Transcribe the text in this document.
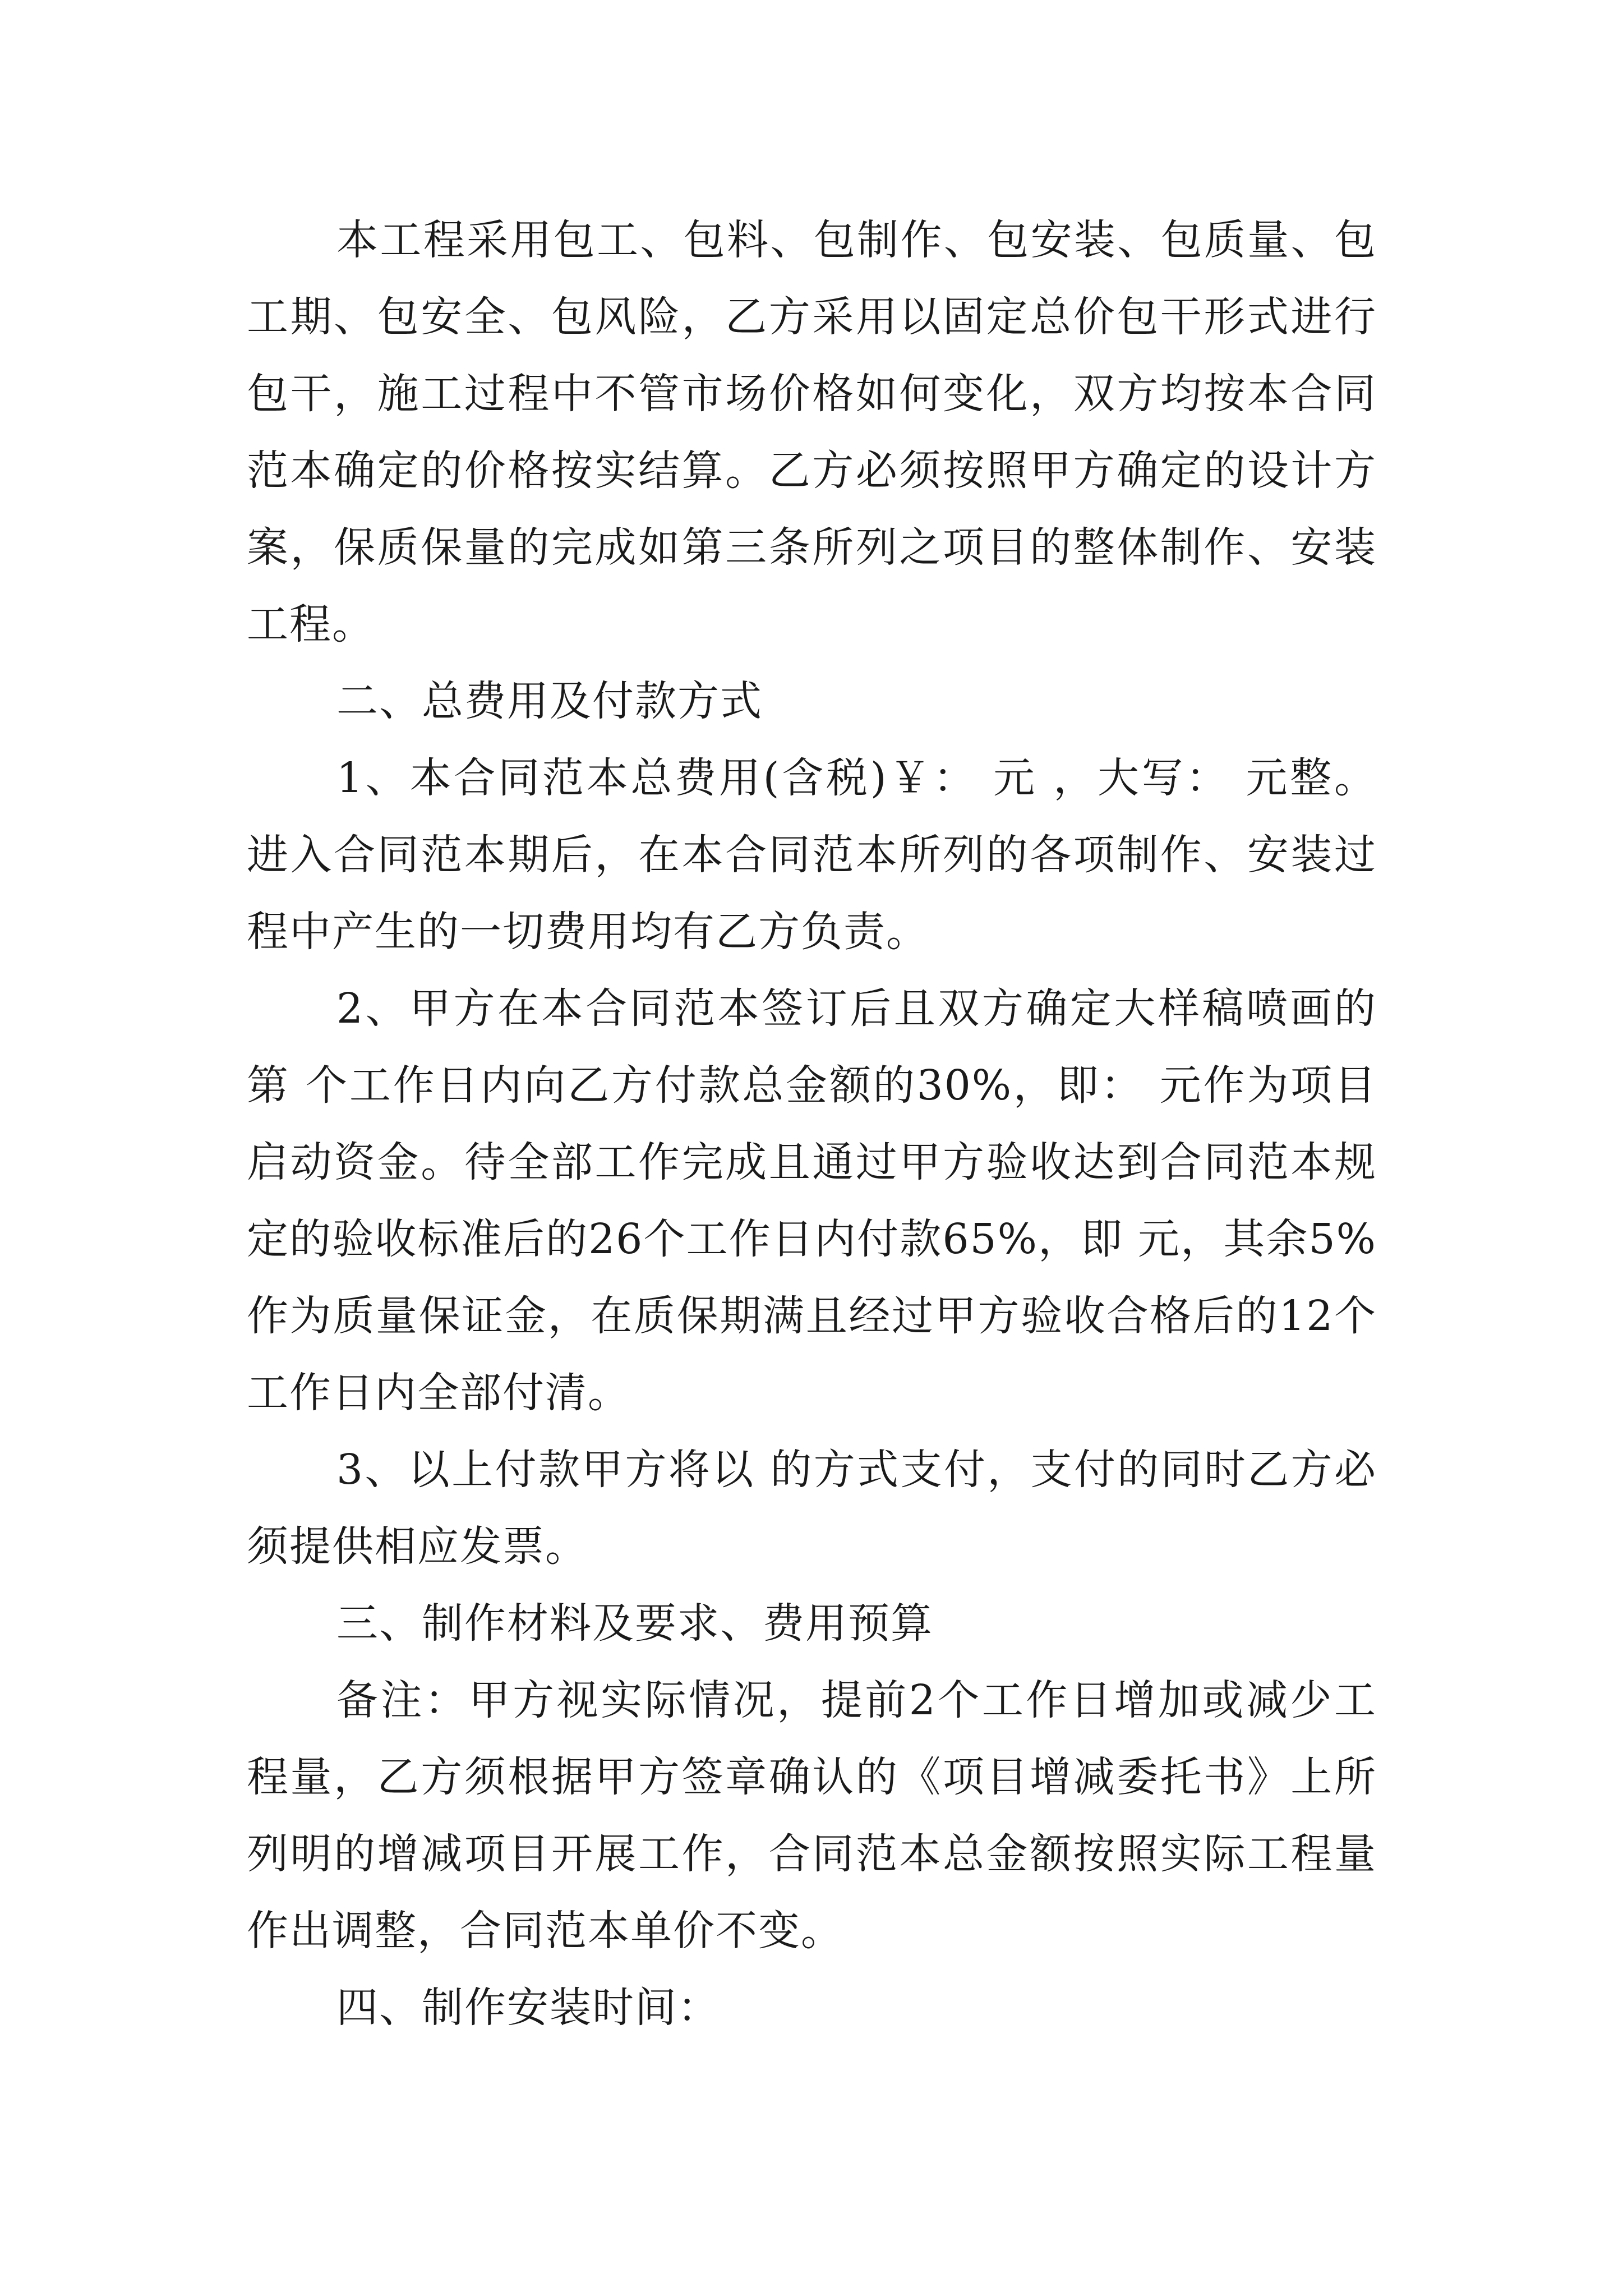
本工程采用包工、包料、包制作、包安装、包质量、包工期、包安全、包风险，乙方采用以固定总价包干形式进行包干，施工过程中不管市场价格如何变化，双方均按本合同范本确定的价格按实结算。乙方必须按照甲方确定的设计方案，保质保量的完成如第三条所列之项目的整体制作、安装工程。

二、总费用及付款方式

1、本合同范本总费用(含税)￥： 元 ，大写： 元整。进入合同范本期后，在本合同范本所列的各项制作、安装过程中产生的一切费用均有乙方负责。

2、甲方在本合同范本签订后且双方确定大样稿喷画的第 个工作日内向乙方付款总金额的30%，即： 元作为项目启动资金。待全部工作完成且通过甲方验收达到合同范本规定的验收标准后的26个工作日内付款65%，即 元，其余5%作为质量保证金，在质保期满且经过甲方验收合格后的12个工作日内全部付清。

3、以上付款甲方将以 的方式支付，支付的同时乙方必须提供相应发票。

三、制作材料及要求、费用预算

备注：甲方视实际情况，提前2个工作日增加或减少工程量，乙方须根据甲方签章确认的《项目增减委托书》上所列明的增减项目开展工作，合同范本总金额按照实际工程量作出调整，合同范本单价不变。

四、制作安装时间：
